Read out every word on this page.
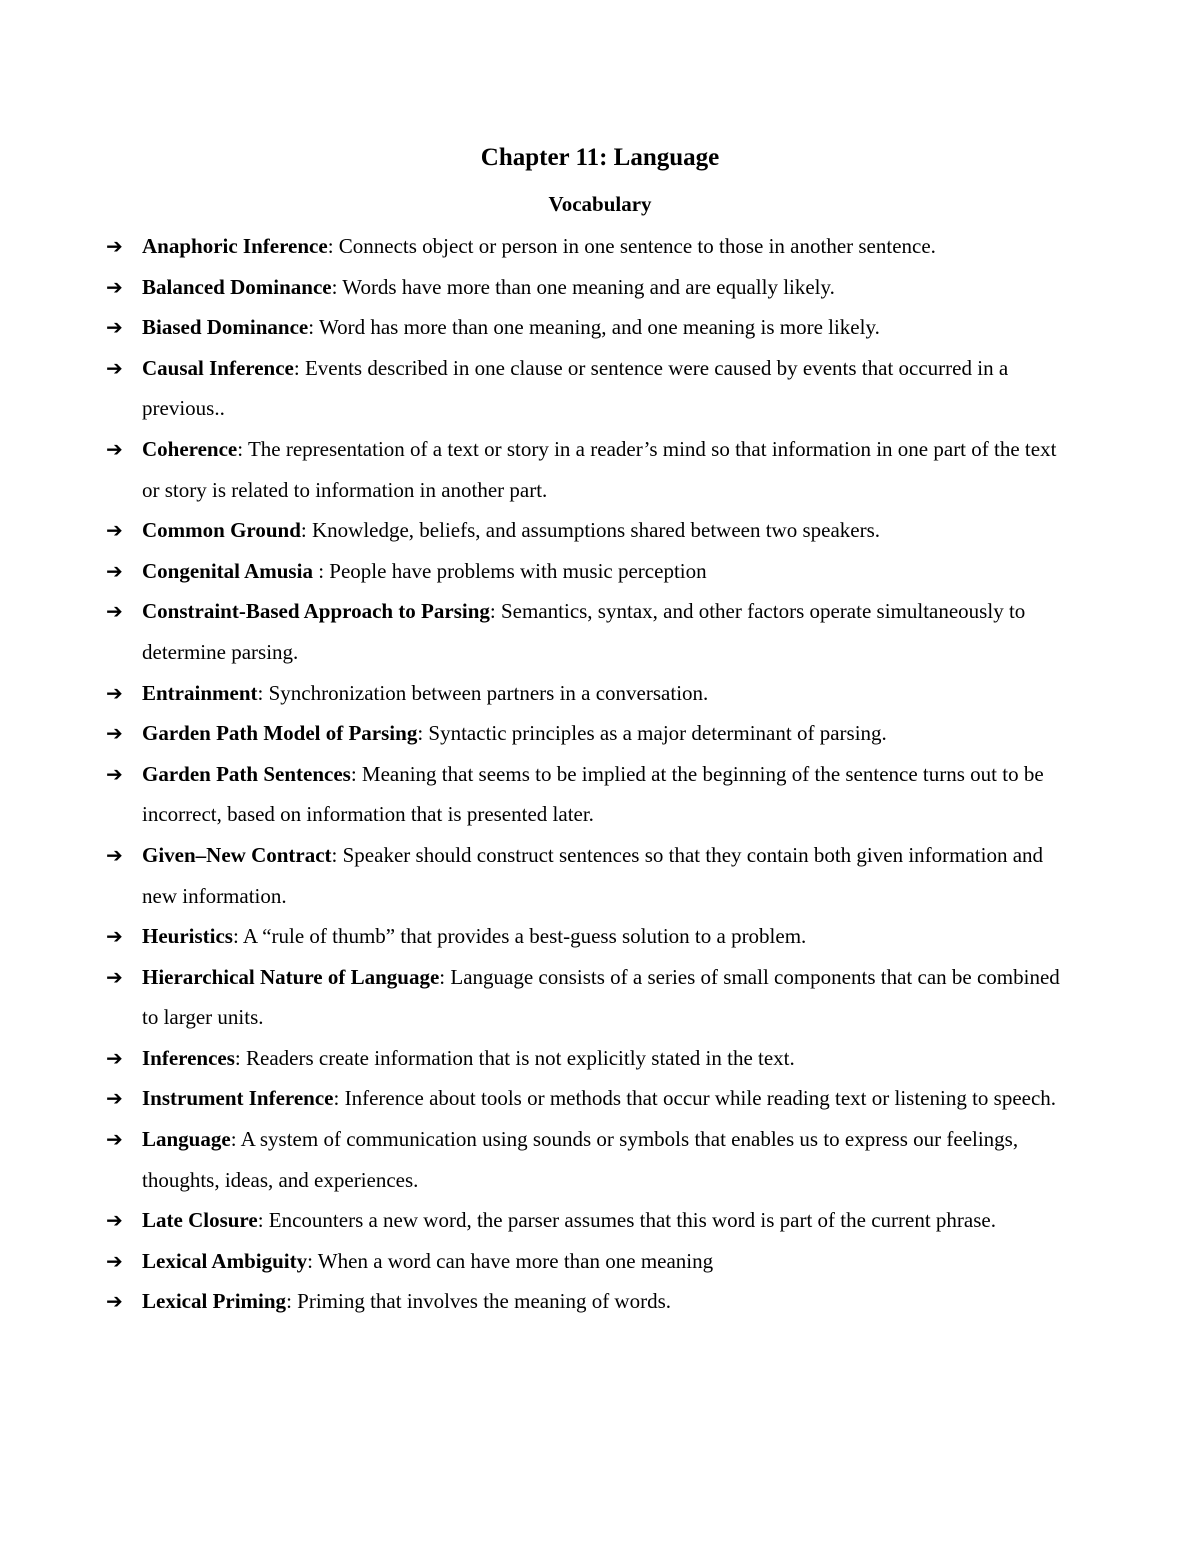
Chapter 11: Language
Vocabulary
➔ Anaphoric Inference: Connects object or person in one sentence to those in another sentence.
➔ Balanced Dominance: Words have more than one meaning and are equally likely.
➔ Biased Dominance: Word has more than one meaning, and one meaning is more likely.
➔ Causal Inference: Events described in one clause or sentence were caused by events that occurred in a previous..
➔ Coherence: The representation of a text or story in a reader’s mind so that information in one part of the text or story is related to information in another part.
➔ Common Ground: Knowledge, beliefs, and assumptions shared between two speakers.
➔ Congenital Amusia : People have problems with music perception
➔ Constraint-Based Approach to Parsing: Semantics, syntax, and other factors operate simultaneously to determine parsing.
➔ Entrainment: Synchronization between partners in a conversation.
➔ Garden Path Model of Parsing: Syntactic principles as a major determinant of parsing.
➔ Garden Path Sentences: Meaning that seems to be implied at the beginning of the sentence turns out to be incorrect, based on information that is presented later.
➔ Given–New Contract: Speaker should construct sentences so that they contain both given information and new information.
➔ Heuristics: A “rule of thumb” that provides a best-guess solution to a problem.
➔ Hierarchical Nature of Language: Language consists of a series of small components that can be combined to larger units.
➔ Inferences: Readers create information that is not explicitly stated in the text.
➔ Instrument Inference: Inference about tools or methods that occur while reading text or listening to speech.
➔ Language: A system of communication using sounds or symbols that enables us to express our feelings, thoughts, ideas, and experiences.
➔ Late Closure: Encounters a new word, the parser assumes that this word is part of the current phrase.
➔ Lexical Ambiguity: When a word can have more than one meaning
➔ Lexical Priming: Priming that involves the meaning of words.
